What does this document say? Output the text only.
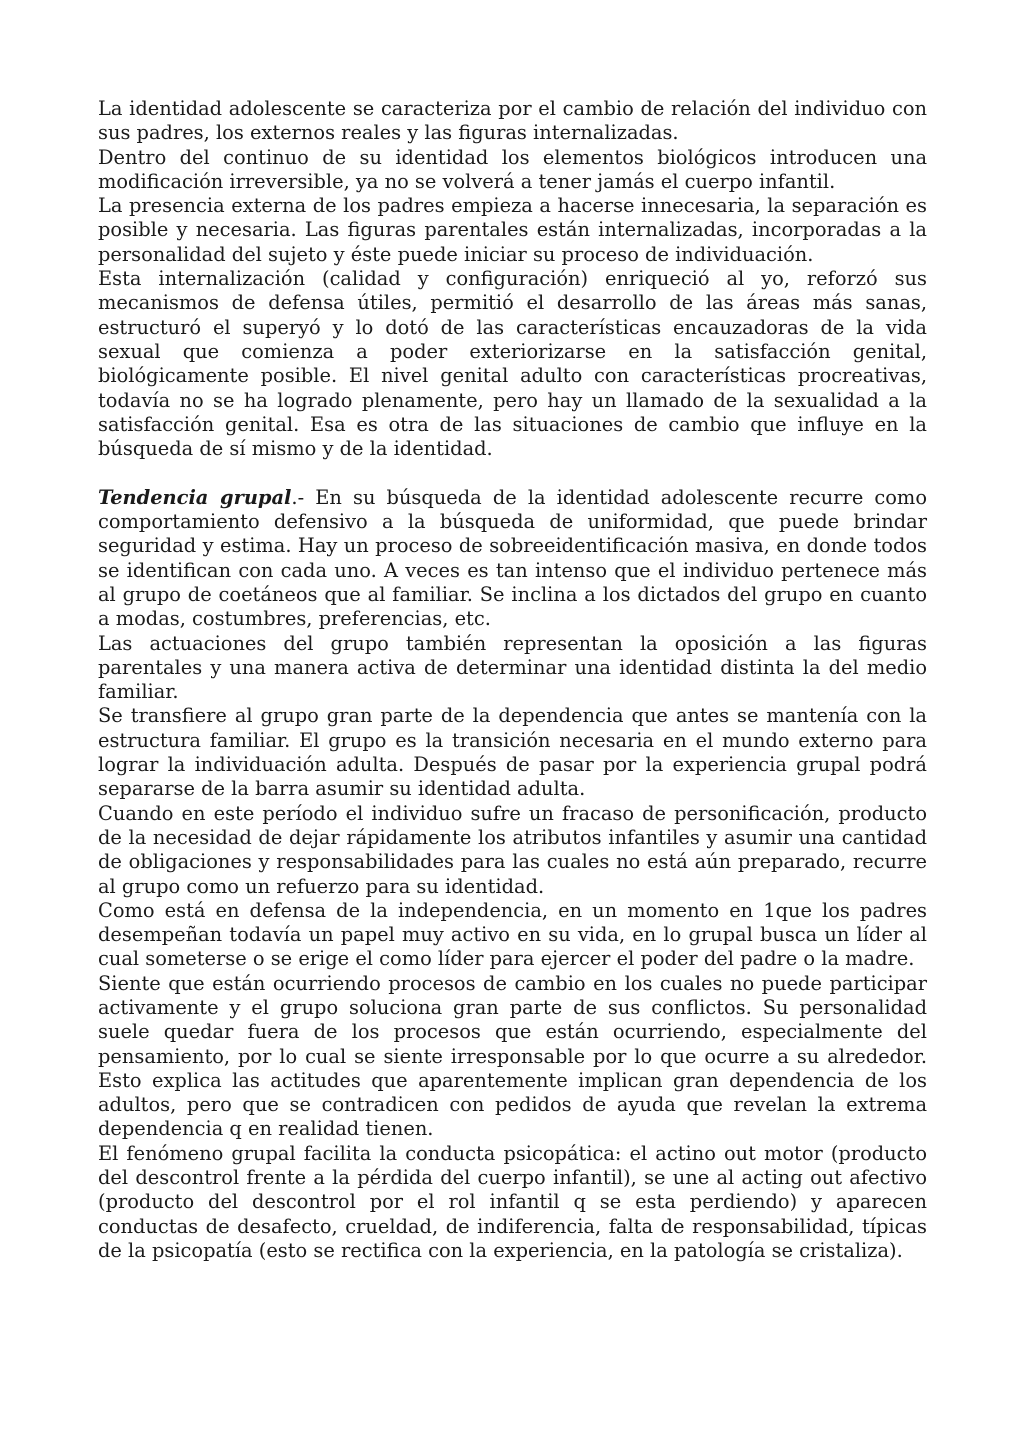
La identidad adolescente se caracteriza por el cambio de relación del individuo con sus padres, los externos reales y las figuras internalizadas.

Dentro del continuo de su identidad los elementos biológicos introducen una modificación irreversible, ya no se volverá a tener jamás el cuerpo infantil.

La presencia externa de los padres empieza a hacerse innecesaria, la separación es posible y necesaria. Las figuras parentales están internalizadas, incorporadas a la personalidad del sujeto y éste puede iniciar su proceso de individuación.

Esta internalización (calidad y configuración) enriqueció al yo, reforzó sus mecanismos de defensa útiles, permitió el desarrollo de las áreas más sanas, estructuró el superyó y lo dotó de las características encauzadoras de la vida sexual que comienza a poder exteriorizarse en la satisfacción genital, biológicamente posible. El nivel genital adulto con características procreativas, todavía no se ha logrado plenamente, pero hay un llamado de la sexualidad a la satisfacción genital. Esa es otra de las situaciones de cambio que influye en la búsqueda de sí mismo y de la identidad.

Tendencia grupal.- En su búsqueda de la identidad adolescente recurre como comportamiento defensivo a la búsqueda de uniformidad, que puede brindar seguridad y estima. Hay un proceso de sobreeidentificación masiva, en donde todos se identifican con cada uno. A veces es tan intenso que el individuo pertenece más al grupo de coetáneos que al familiar. Se inclina a los dictados del grupo en cuanto a modas, costumbres, preferencias, etc.

Las actuaciones del grupo también representan la oposición a las figuras parentales y una manera activa de determinar una identidad distinta la del medio familiar.

Se transfiere al grupo gran parte de la dependencia que antes se mantenía con la estructura familiar. El grupo es la transición necesaria en el mundo externo para lograr la individuación adulta. Después de pasar por la experiencia grupal podrá separarse de la barra asumir su identidad adulta.

Cuando en este período el individuo sufre un fracaso de personificación, producto de la necesidad de dejar rápidamente los atributos infantiles y asumir una cantidad de obligaciones y responsabilidades para las cuales no está aún preparado, recurre al grupo como un refuerzo para su identidad.

Como está en defensa de la independencia, en un momento en 1que los padres desempeñan todavía un papel muy activo en su vida, en lo grupal busca un líder al cual someterse o se erige el como líder para ejercer el poder del padre o la madre.

Siente que están ocurriendo procesos de cambio en los cuales no puede participar activamente y el grupo soluciona gran parte de sus conflictos. Su personalidad suele quedar fuera de los procesos que están ocurriendo, especialmente del pensamiento, por lo cual se siente irresponsable por lo que ocurre a su alrededor. Esto explica las actitudes que aparentemente implican gran dependencia de los adultos, pero que se contradicen con pedidos de ayuda que revelan la extrema dependencia q en realidad tienen.

El fenómeno grupal facilita la conducta psicopática: el actino out motor (producto del descontrol frente a la pérdida del cuerpo infantil), se une al acting out afectivo (producto del descontrol por el rol infantil q se esta perdiendo) y aparecen conductas de desafecto, crueldad, de indiferencia, falta de responsabilidad, típicas de la psicopatía (esto se rectifica con la experiencia, en la patología se cristaliza).
